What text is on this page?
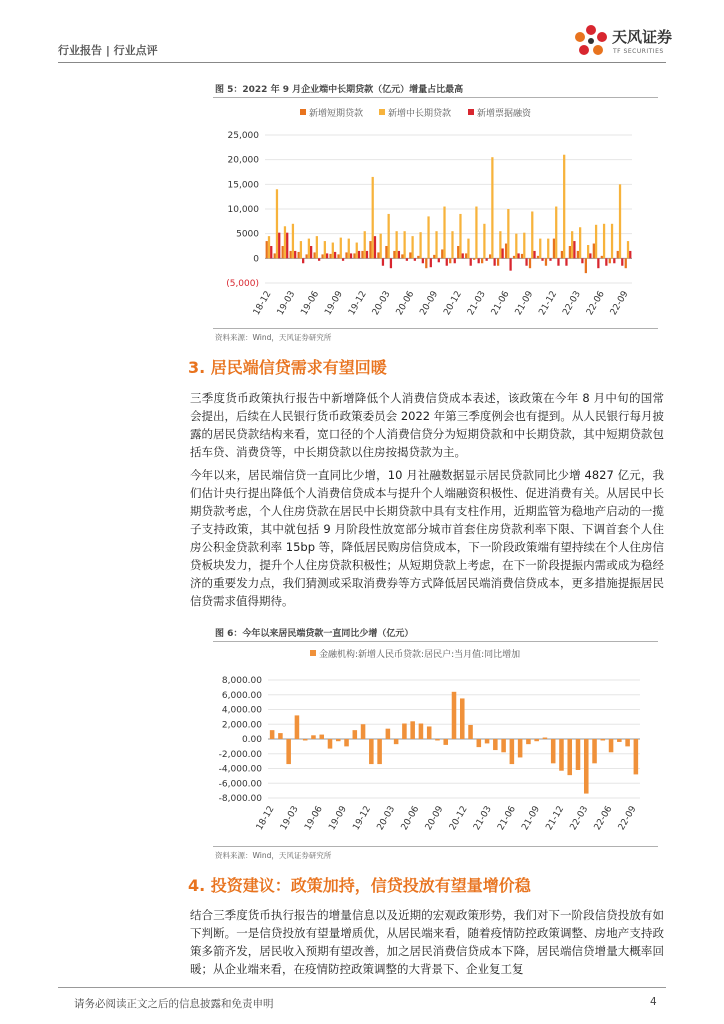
行业报告 | 行业点评
天风证券
TF SECURITIES
图 5：2022 年 9 月企业端中长期贷款（亿元）增量占比最高
新增短期贷款	新增中长期贷款	新增票据融资
25,000
20,000
15,000
10,000
5000
0
(5,000)
18-12 19-03 19-06 19-09 19-12 20-03 20-06 20-09 20-12 21-03 21-06 21-09 21-12 22-03 22-06 22-09
资料来源：Wind，天风证券研究所
3. 居民端信贷需求有望回暖

三季度货币政策执行报告中新增降低个人消费信贷成本表述，该政策在今年 8 月中旬的国常会提出，后续在人民银行货币政策委员会 2022 年第三季度例会也有提到。从人民银行每月披露的居民贷款结构来看，宽口径的个人消费信贷分为短期贷款和中长期贷款，其中短期贷款包括车贷、消费贷等，中长期贷款以住房按揭贷款为主。

今年以来，居民端信贷一直同比少增，10 月社融数据显示居民贷款同比少增 4827 亿元，我们估计央行提出降低个人消费信贷成本与提升个人端融资积极性、促进消费有关。从居民中长期贷款考虑，个人住房贷款在居民中长期贷款中具有支柱作用，近期监管为稳地产启动的一揽子支持政策，其中就包括 9 月阶段性放宽部分城市首套住房贷款利率下限、下调首套个人住房公积金贷款利率 15bp 等，降低居民购房信贷成本，下一阶段政策端有望持续在个人住房信贷板块发力，提升个人住房贷款积极性；从短期贷款上考虑，在下一阶段提振内需或成为稳经济的重要发力点，我们猜测或采取消费券等方式降低居民端消费信贷成本，更多措施提振居民信贷需求值得期待。

图 6：今年以来居民端贷款一直同比少增（亿元）
金融机构:新增人民币贷款:居民户:当月值:同比增加
8,000.00
6,000.00
4,000.00
2,000.00
0.00
-2,000.00
-4,000.00
-6,000.00
-8,000.00
18-12 19-03 19-06 19-09 19-12 20-03 20-06 20-09 20-12 21-03 21-06 21-09 21-12 22-03 22-06 22-09
资料来源：Wind，天风证券研究所
4. 投资建议：政策加持，信贷投放有望量增价稳

结合三季度货币执行报告的增量信息以及近期的宏观政策形势，我们对下一阶段信贷投放有如下判断。一是信贷投放有望量增质优，从居民端来看，随着疫情防控政策调整、房地产支持政策多箭齐发，居民收入预期有望改善，加之居民消费信贷成本下降，居民端信贷增量大概率回暖；从企业端来看，在疫情防控政策调整的大背景下、企业复工复

请务必阅读正文之后的信息披露和免责申明	4
